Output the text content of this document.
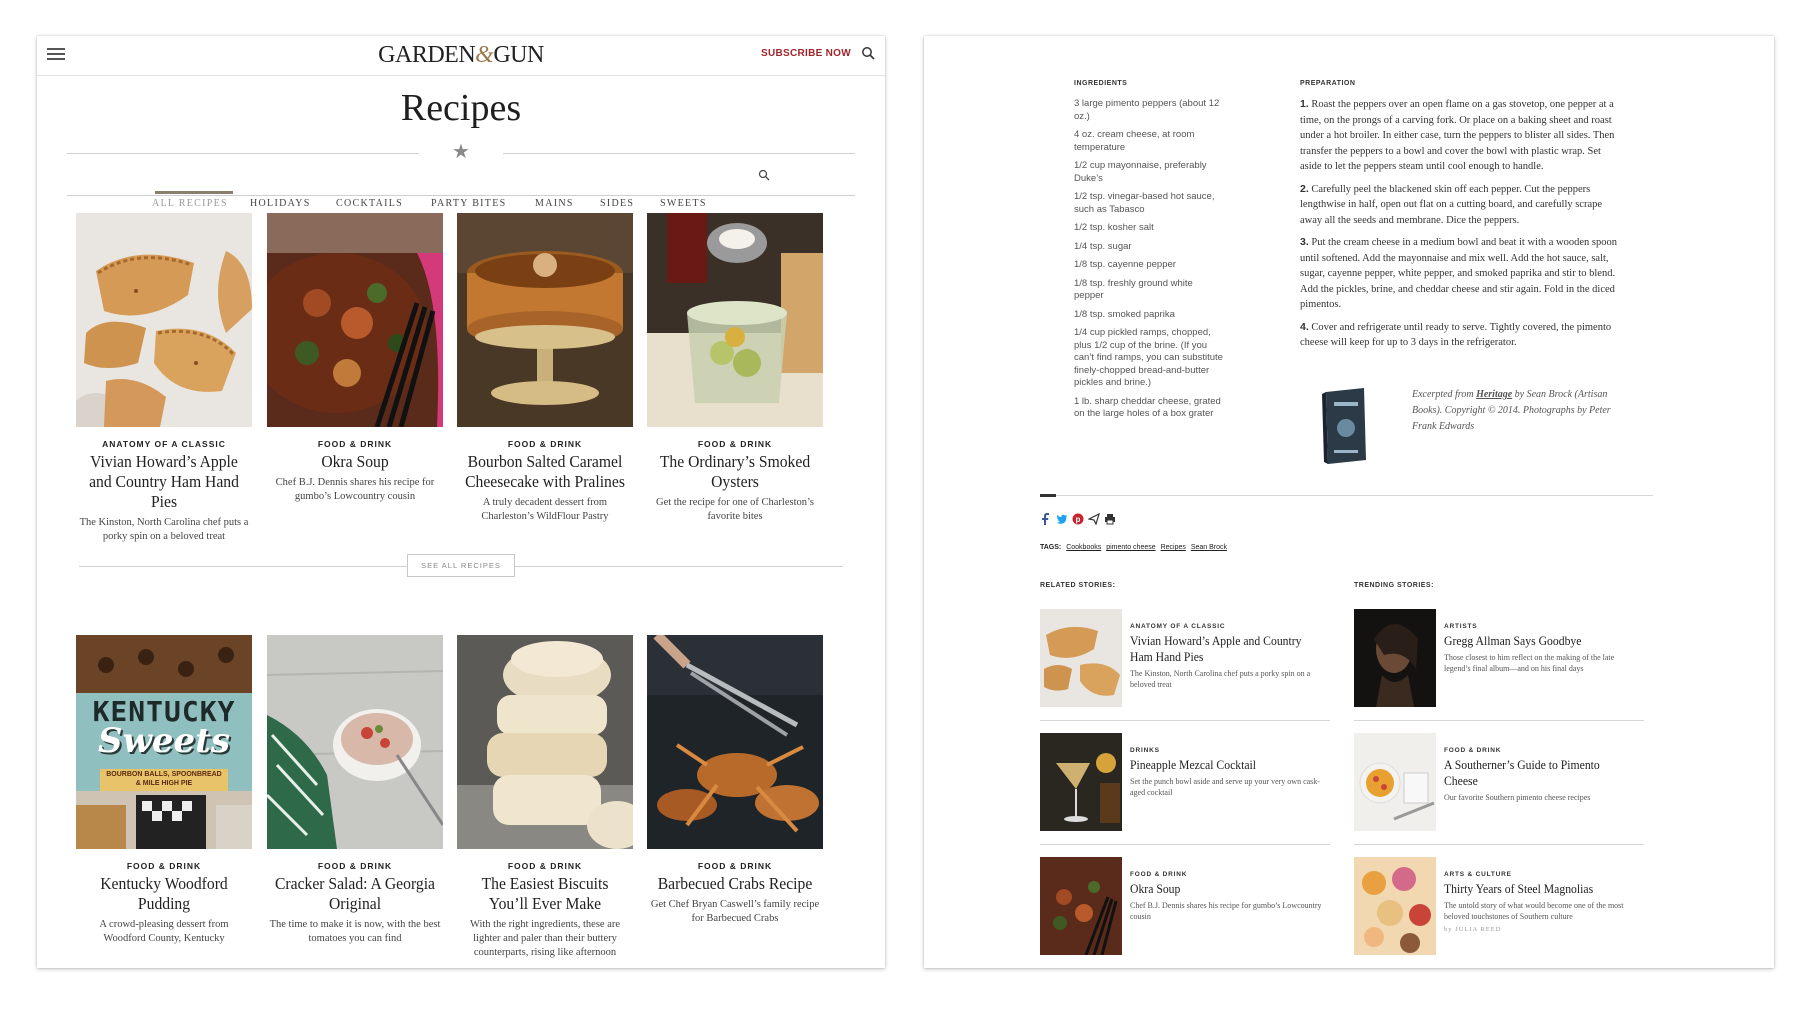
GARDEN&GUN	SUBSCRIBE NOW
Recipes
★
ALL RECIPES HOLIDAYS	COCKTAILS	PARTY BITES	MAINS	SIDES	SWEETS
ANATOMY OF A CLASSIC
Vivian Howard’s Apple and Country Ham Hand Pies
The Kinston, North Carolina chef puts a porky spin on a beloved treat
FOOD & DRINK
Okra Soup
Chef B.J. Dennis shares his recipe for gumbo’s Lowcountry cousin
FOOD & DRINK
Bourbon Salted Caramel Cheesecake with Pralines
A truly decadent dessert from Charleston’s WildFlour Pastry
FOOD & DRINK
The Ordinary’s Smoked Oysters
Get the recipe for one of Charleston’s favorite bites
SEE ALL RECIPES
KENTUCKY
Sweets
BOURBON BALLS, SPOONBREAD
& MILE HIGH PIE
FOOD & DRINK
Kentucky Woodford Pudding
A crowd-pleasing dessert from Woodford County, Kentucky
FOOD & DRINK
Cracker Salad: A Georgia Original
The time to make it is now, with the best tomatoes you can find
FOOD & DRINK
The Easiest Biscuits You’ll Ever Make
With the right ingredients, these are lighter and paler than their buttery counterparts, rising like afternoon
FOOD & DRINK
Barbecued Crabs Recipe
Get Chef Bryan Caswell’s family recipe for Barbecued Crabs
INGREDIENTS
3 large pimento peppers (about 12 oz.)
4 oz. cream cheese, at room temperature
1/2 cup mayonnaise, preferably Duke’s
1/2 tsp. vinegar-based hot sauce, such as Tabasco
1/2 tsp. kosher salt
1/4 tsp. sugar
1/8 tsp. cayenne pepper
1/8 tsp. freshly ground white pepper
1/8 tsp. smoked paprika
1/4 cup pickled ramps, chopped, plus 1/2 cup of the brine. (If you can’t find ramps, you can substitute finely-chopped bread-and-butter pickles and brine.)
1 lb. sharp cheddar cheese, grated on the large holes of a box grater
PREPARATION

1. Roast the peppers over an open flame on a gas stovetop, one pepper at a time, on the prongs of a carving fork. Or place on a baking sheet and roast under a hot broiler. In either case, turn the peppers to blister all sides. Then transfer the peppers to a bowl and cover the bowl with plastic wrap. Set aside to let the peppers steam until cool enough to handle.

2. Carefully peel the blackened skin off each pepper. Cut the peppers lengthwise in half, open out flat on a cutting board, and carefully scrape away all the seeds and membrane. Dice the peppers.

3. Put the cream cheese in a medium bowl and beat it with a wooden spoon until softened. Add the mayonnaise and mix well. Add the hot sauce, salt, sugar, cayenne pepper, white pepper, and smoked paprika and stir to blend. Add the pickles, brine, and cheddar cheese and stir again. Fold in the diced pimentos.

4. Cover and refrigerate until ready to serve. Tightly covered, the pimento cheese will keep for up to 3 days in the refrigerator.

Excerpted from Heritage by Sean Brock (Artisan Books). Copyright © 2014. Photographs by Peter Frank Edwards
p
TAGS: Cookbooks pimento cheese Recipes Sean Brock
RELATED STORIES:	TRENDING STORIES:
ANATOMY OF A CLASSIC
Vivian Howard’s Apple and Country Ham Hand Pies
The Kinston, North Carolina chef puts a porky spin on a beloved treat
DRINKS
Pineapple Mezcal Cocktail
Set the punch bowl aside and serve up your very own cask-aged cocktail
FOOD & DRINK
Okra Soup
Chef B.J. Dennis shares his recipe for gumbo’s Lowcountry cousin
ARTISTS
Gregg Allman Says Goodbye
Those closest to him reflect on the making of the late legend’s final album—and on his final days
FOOD & DRINK
A Southerner’s Guide to Pimento Cheese
Our favorite Southern pimento cheese recipes
ARTS & CULTURE
Thirty Years of Steel Magnolias
The untold story of what would become one of the most beloved touchstones of Southern culture
by JULIA REED
